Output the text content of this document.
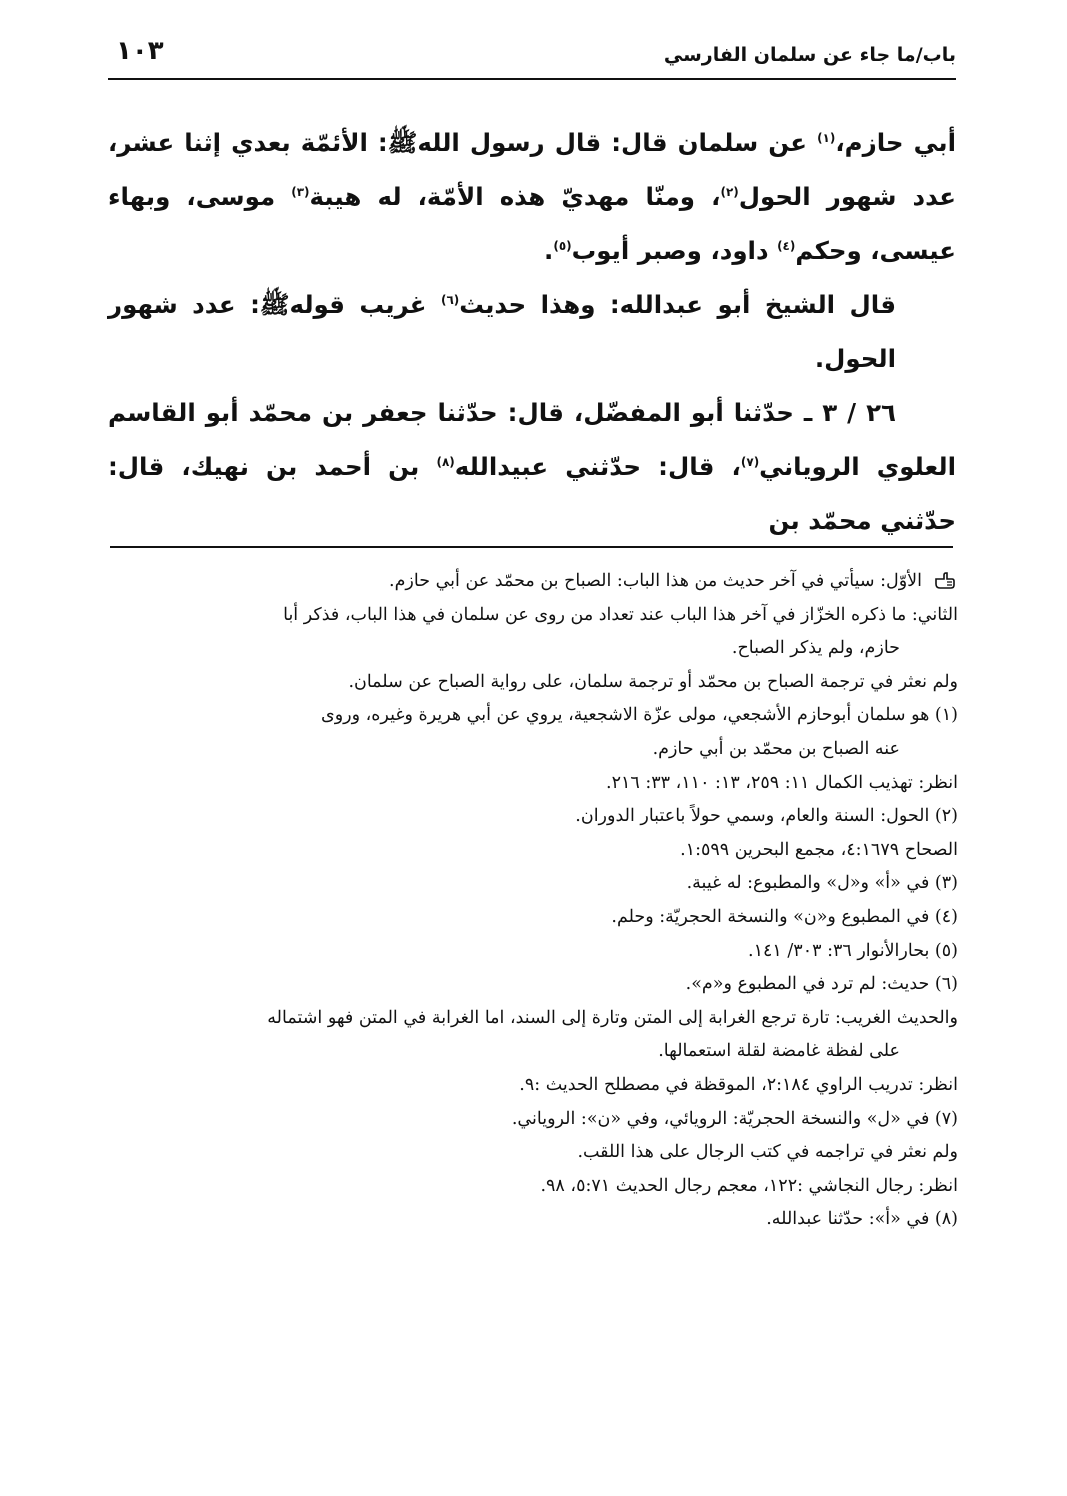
باب/ما جاء عن سلمان الفارسي
١٠٣

أبي حازم،$^{(١)}$ عن سلمان قال: قال رسول اللهﷺ: الأئمّة بعدي إثنا عشر، عدد شهور الحول$^{(٢)}$، ومنّا مهديّ هذه الأمّة، له هيبة$^{(٣)}$ موسى، وبهاء عيسى، وحكم$^{(٤)}$ داود، وصبر أيوب$^{(٥)}$.

قال الشيخ أبو عبدالله: وهذا حديث$^{(٦)}$ غريب قولهﷺ: عدد شهور الحول.

٢٦ / ٣ ـ حدّثنا أبو المفضّل، قال: حدّثنا جعفر بن محمّد أبو القاسم العلوي الروياني$^{(٧)}$، قال: حدّثني عبيدالله$^{(٨)}$ بن أحمد بن نهيك، قال: حدّثني محمّد بن

الأوّل: سيأتي في آخر حديث من هذا الباب: الصباح بن محمّد عن أبي حازم.

الثاني: ما ذكره الخزّاز في آخر هذا الباب عند تعداد من روى عن سلمان في هذا الباب، فذكر أبا

حازم، ولم يذكر الصباح.

ولم نعثر في ترجمة الصباح بن محمّد أو ترجمة سلمان، على رواية الصباح عن سلمان.

(١) هو سلمان أبوحازم الأشجعي، مولى عزّة الاشجعية، يروي عن أبي هريرة وغيره، وروى

عنه الصباح بن محمّد بن أبي حازم.

انظر: تهذيب الكمال ١١: ٢٥٩، ١٣: ١١٠، ٣٣: ٢١٦.

(٢) الحول: السنة والعام، وسمي حولاً باعتبار الدوران.

الصحاح ٤:١٦٧٩، مجمع البحرين ١:٥٩٩.

(٣) في «أ» و«ل» والمطبوع: له غيبة.

(٤) في المطبوع و«ن» والنسخة الحجريّة: وحلم.

(٥) بحارالأنوار ٣٦: ٣٠٣/ ١٤١.

(٦) حديث: لم ترد في المطبوع و«م».

والحديث الغريب: تارة ترجع الغرابة إلى المتن وتارة إلى السند، اما الغرابة في المتن فهو اشتماله

على لفظة غامضة لقلة استعمالها.

انظر: تدريب الراوي ٢:١٨٤، الموقظة في مصطلح الحديث :٩.

(٧) في «ل» والنسخة الحجريّة: الرويائي، وفي «ن»: الروياني.

ولم نعثر في تراجمه في كتب الرجال على هذا اللقب.

انظر: رجال النجاشي :١٢٢، معجم رجال الحديث ٥:٧١، ٩٨.

(٨) في «أ»: حدّثنا عبدالله.
